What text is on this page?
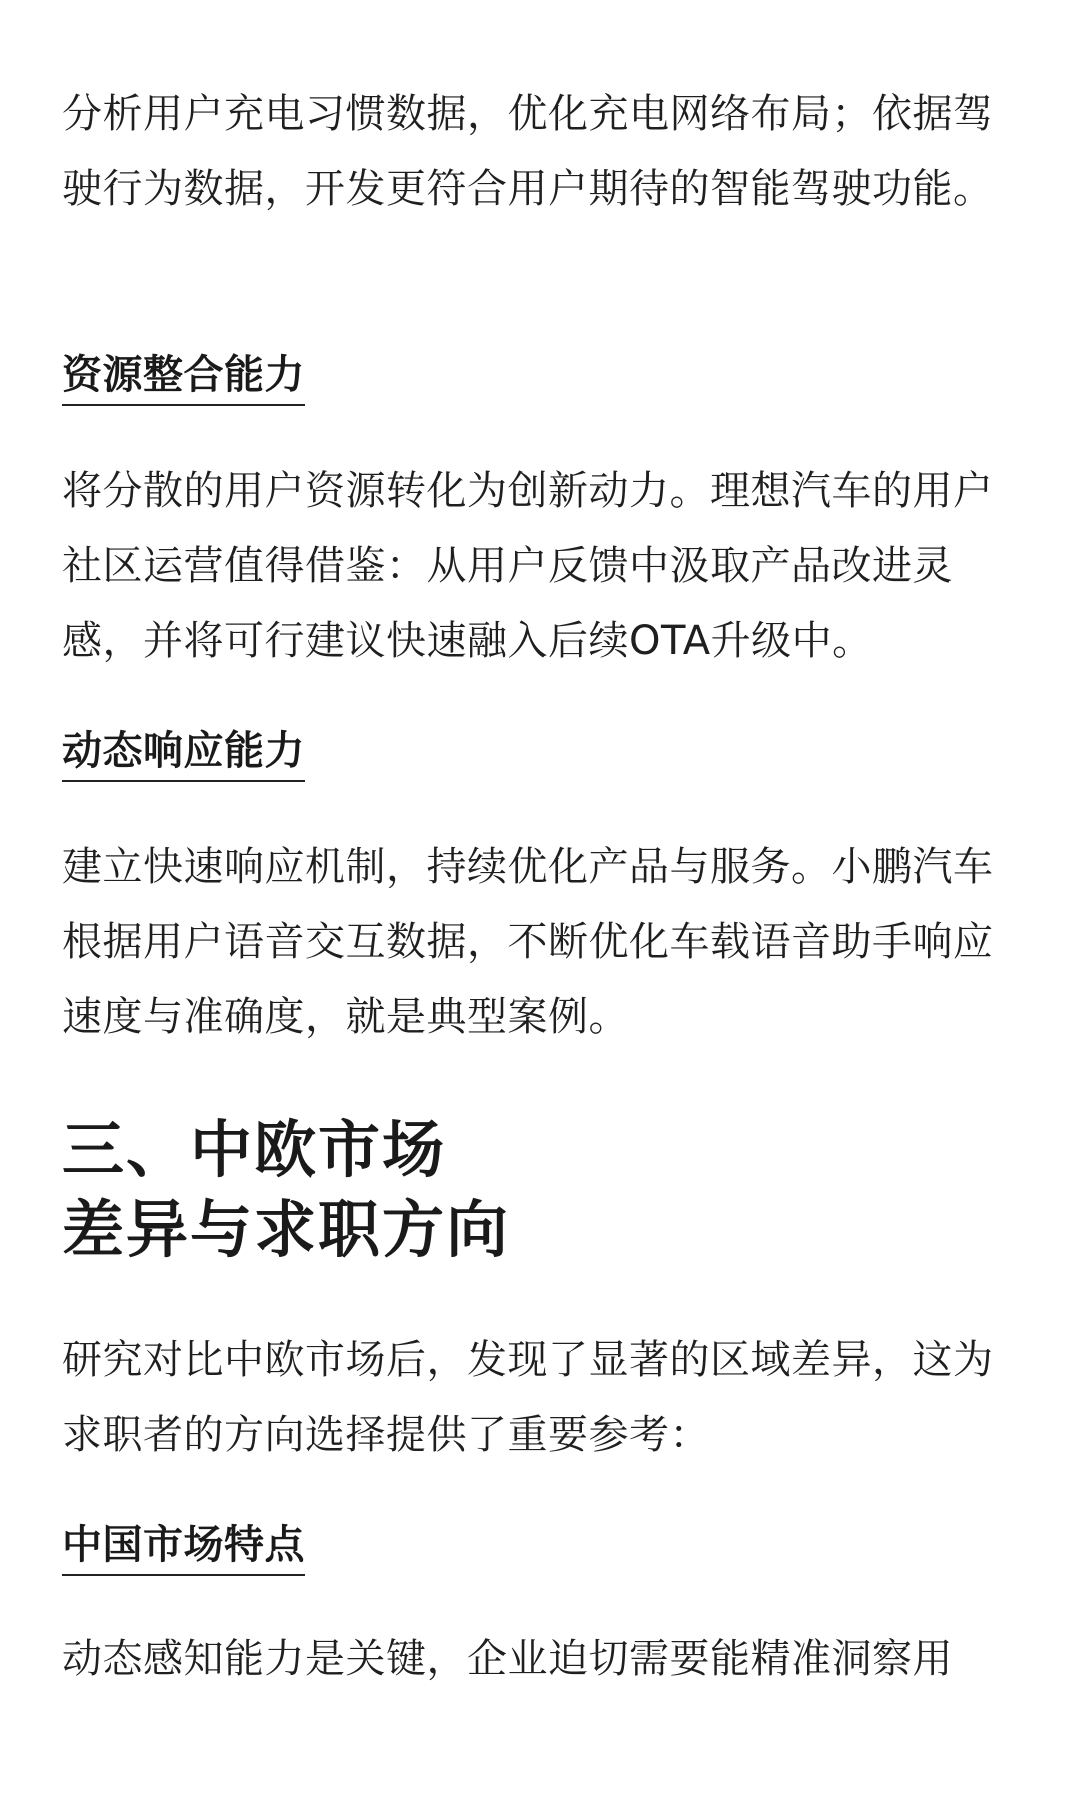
分析用户充电习惯数据，优化充电网络布局；依据驾驶行为数据，开发更符合用户期待的智能驾驶功能。

资源整合能力

将分散的用户资源转化为创新动力。理想汽车的用户社区运营值得借鉴：从用户反馈中汲取产品改进灵感，并将可行建议快速融入后续OTA升级中。

动态响应能力

建立快速响应机制，持续优化产品与服务。小鹏汽车根据用户语音交互数据，不断优化车载语音助手响应速度与准确度，就是典型案例。

三、中欧市场
差异与求职方向

研究对比中欧市场后，发现了显著的区域差异，这为求职者的方向选择提供了重要参考：

中国市场特点

动态感知能力是关键，企业迫切需要能精准洞察用
